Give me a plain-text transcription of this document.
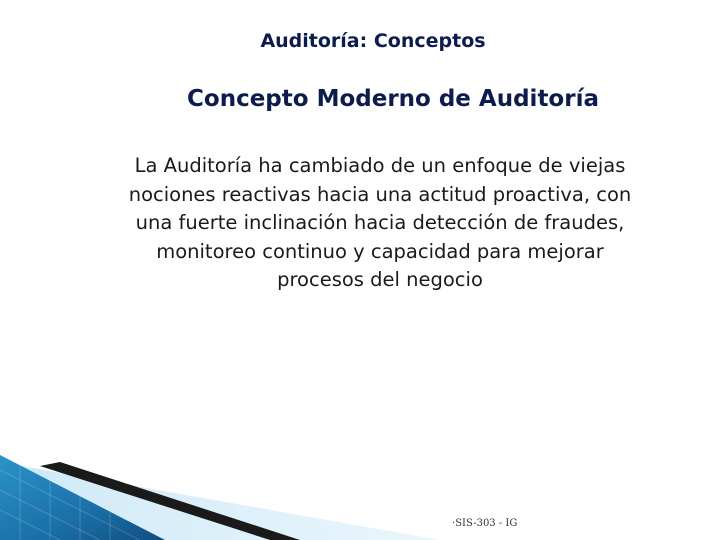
Auditoría: Conceptos
Concepto Moderno de Auditoría
La Auditoría ha cambiado de un enfoque de viejas nociones reactivas hacia una actitud proactiva, con una fuerte inclinación hacia detección de fraudes, monitoreo continuo y capacidad para mejorar procesos del negocio
·SIS-303 - IG
